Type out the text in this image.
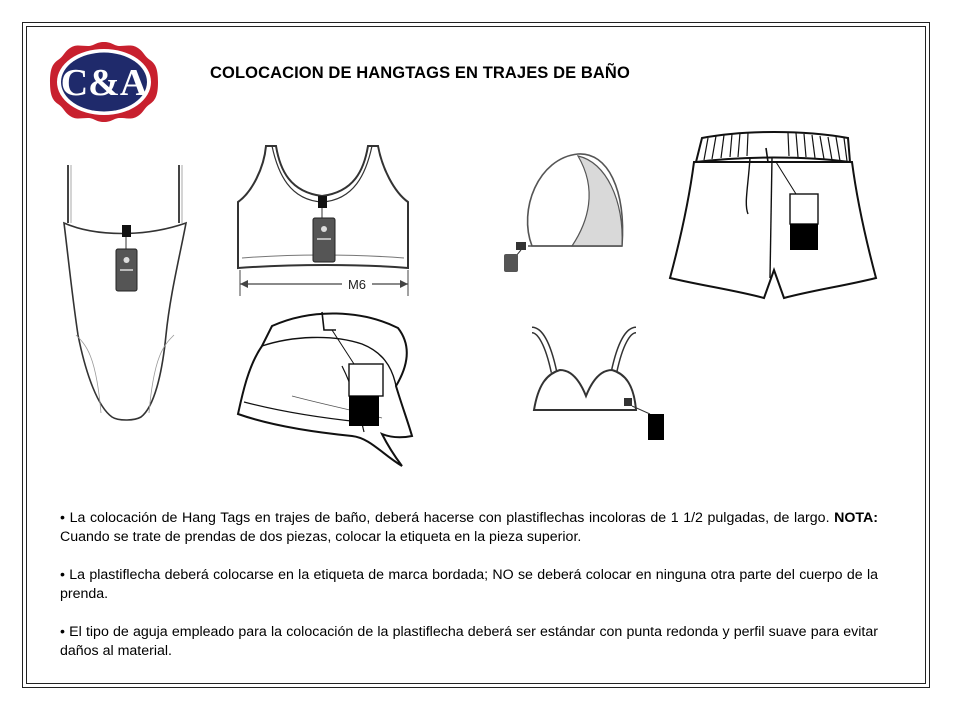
C&A	COLOCACION DE HANGTAGS EN TRAJES DE BAÑO
M6

• La colocación de Hang Tags en trajes de baño, deberá hacerse con plastiflechas incoloras de 1 1/2 pulgadas, de largo. NOTA: Cuando se trate de prendas de dos piezas, colocar la etiqueta en la pieza superior.

• La plastiflecha deberá colocarse en la etiqueta de marca bordada; NO se deberá colocar en ninguna otra parte del cuerpo de la prenda.

• El tipo de aguja empleado para la colocación de la plastiflecha deberá ser estándar con punta redonda y perfil suave para evitar daños al material.
